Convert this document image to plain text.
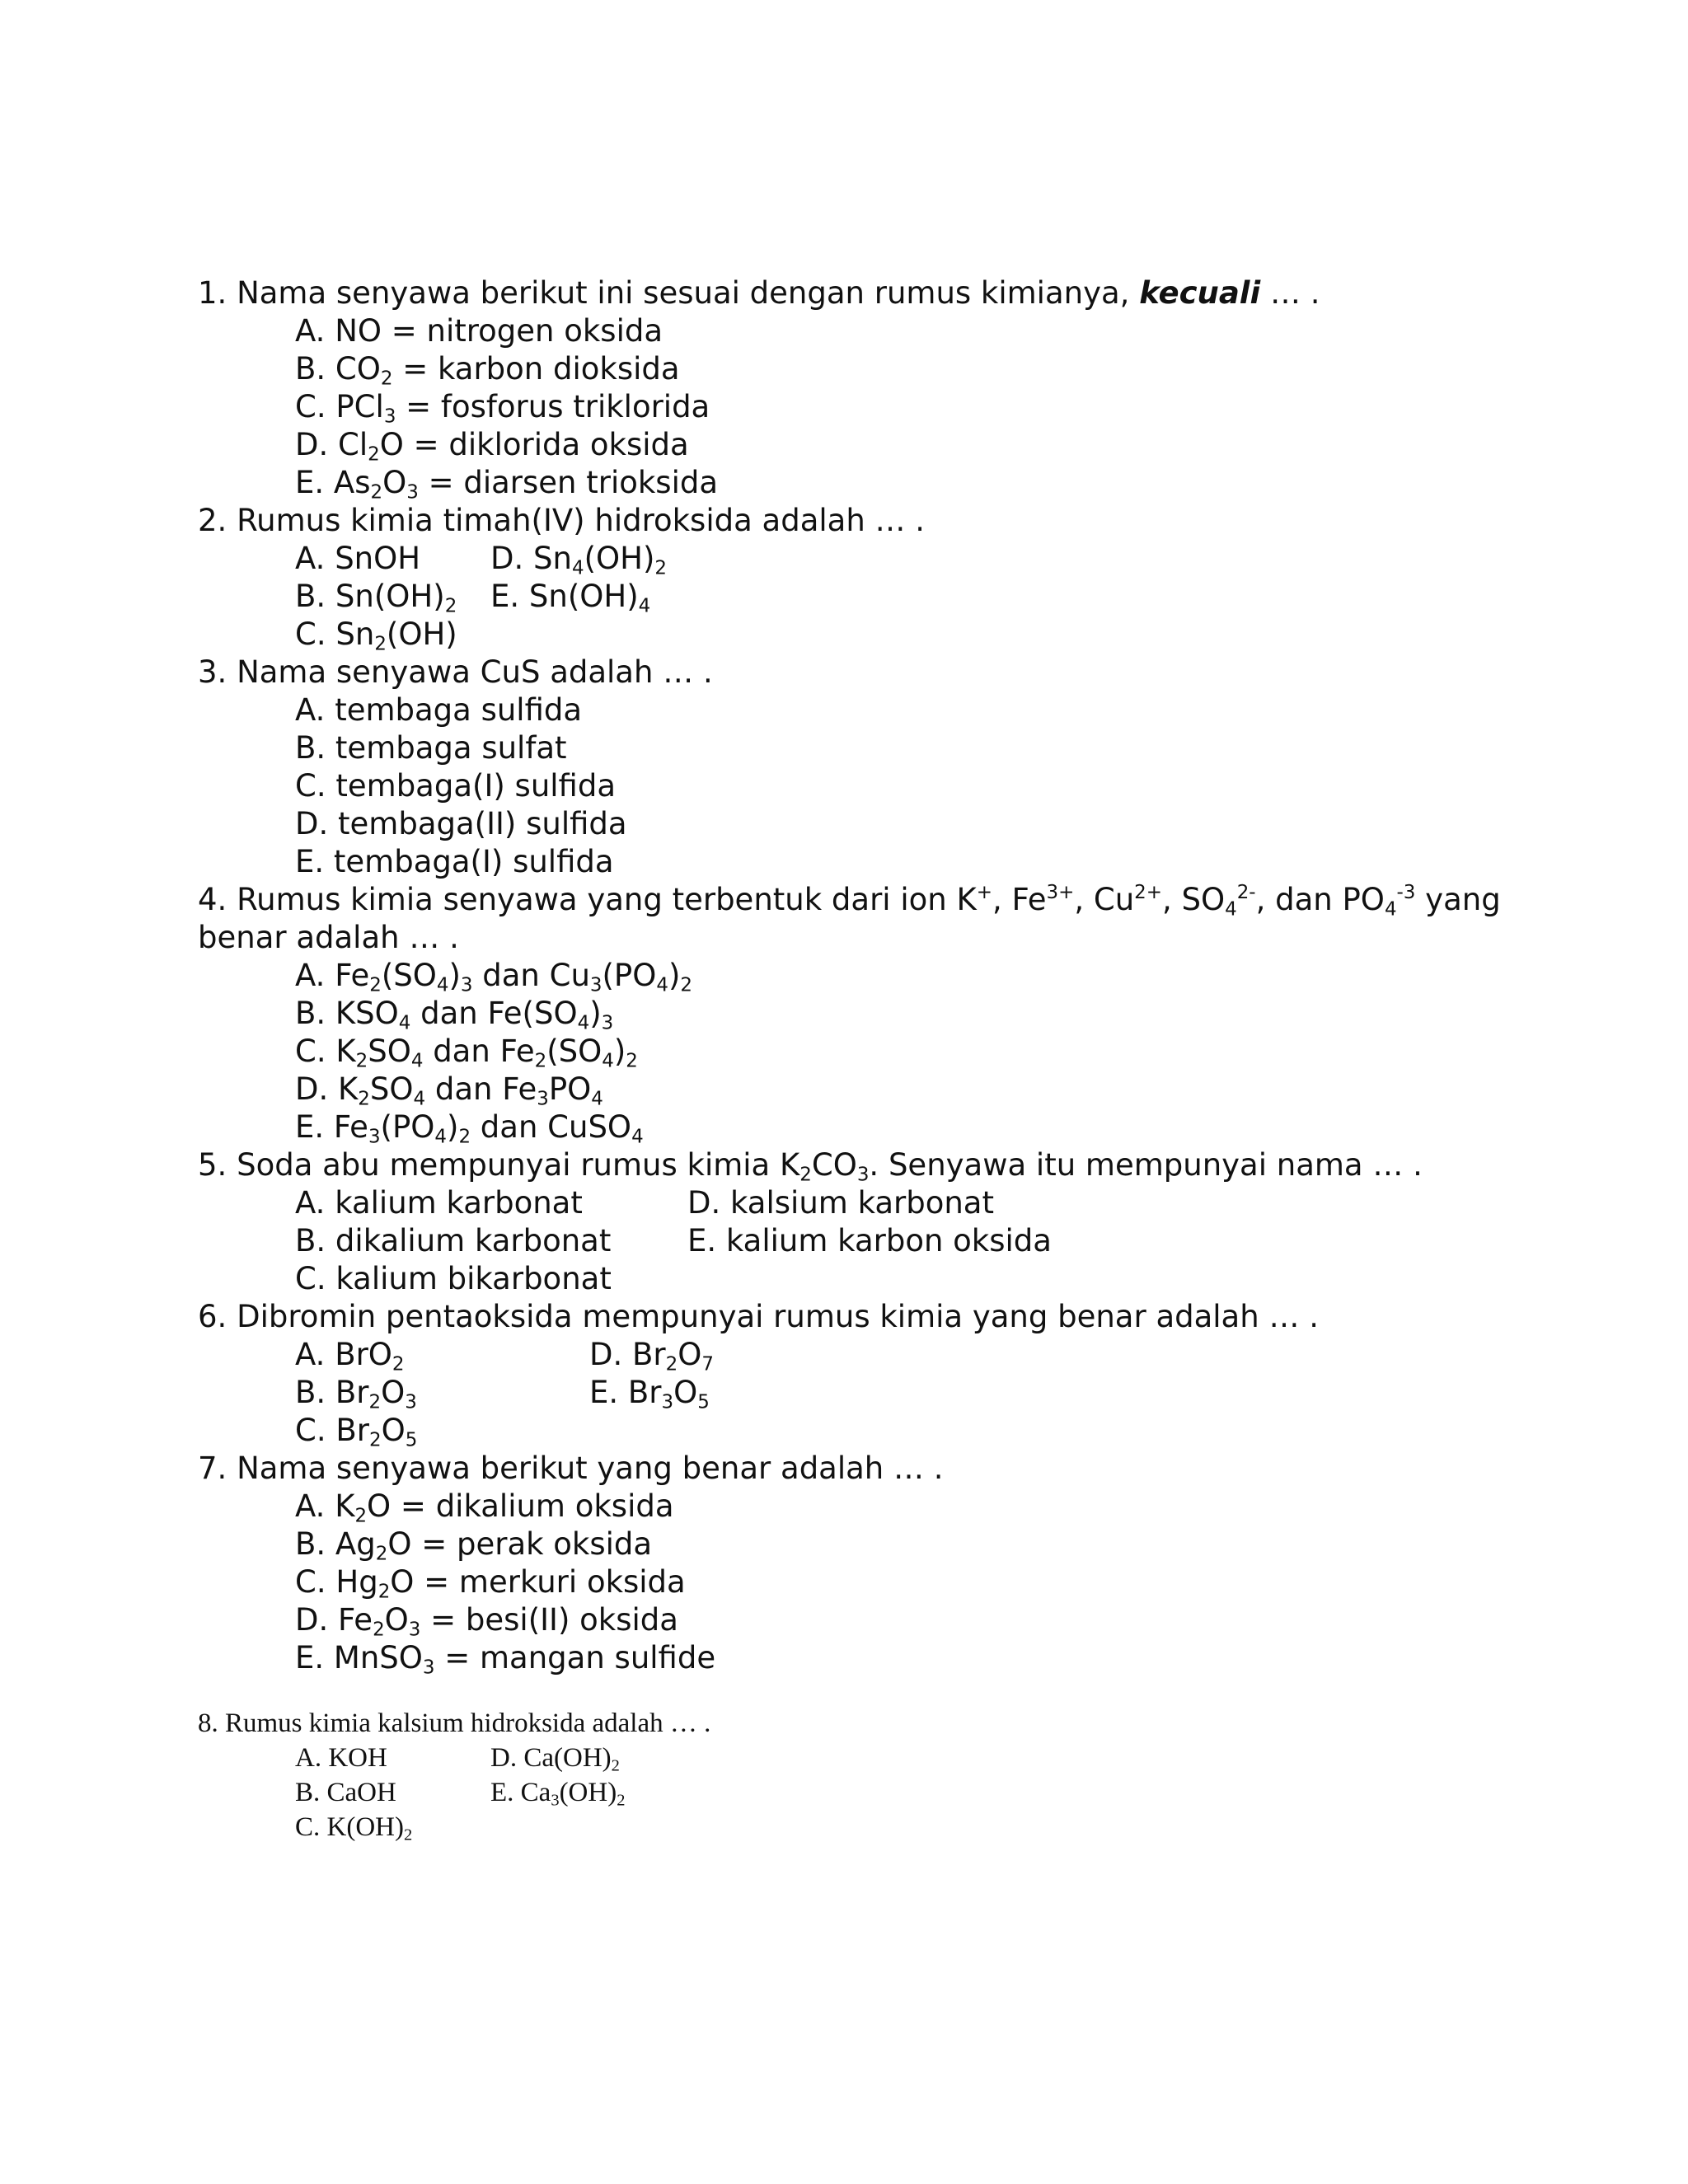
1. Nama senyawa berikut ini sesuai dengan rumus kimianya, kecuali … .
A. NO = nitrogen oksida
B. $CO_2$ = karbon dioksida
C. PCl$_3$ = fosforus triklorida
D. $Cl_2O$ = diklorida oksida
E. $As_2O_3$ = diarsen trioksida
2. Rumus kimia timah(IV) hidroksida adalah … .
A. SnOH D. $Sn_4(OH)_2$
B. $Sn(OH)_2$ E. $Sn(OH)_4$
C. $Sn_2(OH)$
3. Nama senyawa CuS adalah … .
A. tembaga sulfida
B. tembaga sulfat
C. tembaga(I) sulfida
D. tembaga(II) sulfida
E. tembaga(I) sulfida
4. Rumus kimia senyawa yang terbentuk dari ion K+, $Fe^{3+}$, $Cu^{2+}$, $SO_4^{2-}$, dan $PO_4^{-3}$ yang
benar adalah … .
A. $Fe_2(SO_4)_3$ dan $Cu_3(PO_4)_2$
B. $KSO_4$ dan $Fe(SO_4)_3$
C. $K_2SO_4$ dan $Fe_2(SO_4)_2$
D. $K_2SO_4$ dan $Fe_3PO_4$
E. $Fe_3(PO_4)_2$ dan CuSO$_4$
5. Soda abu mempunyai rumus kimia $K_2CO_3$. Senyawa itu mempunyai nama … .
A. kalium karbonat	D. kalsium karbonat
B. dikalium karbonat	E. kalium karbon oksida
C. kalium bikarbonat
6. Dibromin pentaoksida mempunyai rumus kimia yang benar adalah … .
A. BrO$_2$	D. $Br_2O_7$
B. $Br_2O_3$	E. $Br_3O_5$
C. $Br_2O_5$
7. Nama senyawa berikut yang benar adalah … .
A. $K_2O$ = dikalium oksida
B. $Ag_2O$ = perak oksida
C. $Hg_2O$ = merkuri oksida
D. $Fe_2O_3$ = besi(II) oksida
E. MnSO$_3$ = mangan sulfide
8. Rumus kimia kalsium hidroksida adalah … .
A. KOH	D. $Ca(OH)_2$
B. CaOH	E. $Ca_3(OH)_2$
C. $K(OH)_2$
